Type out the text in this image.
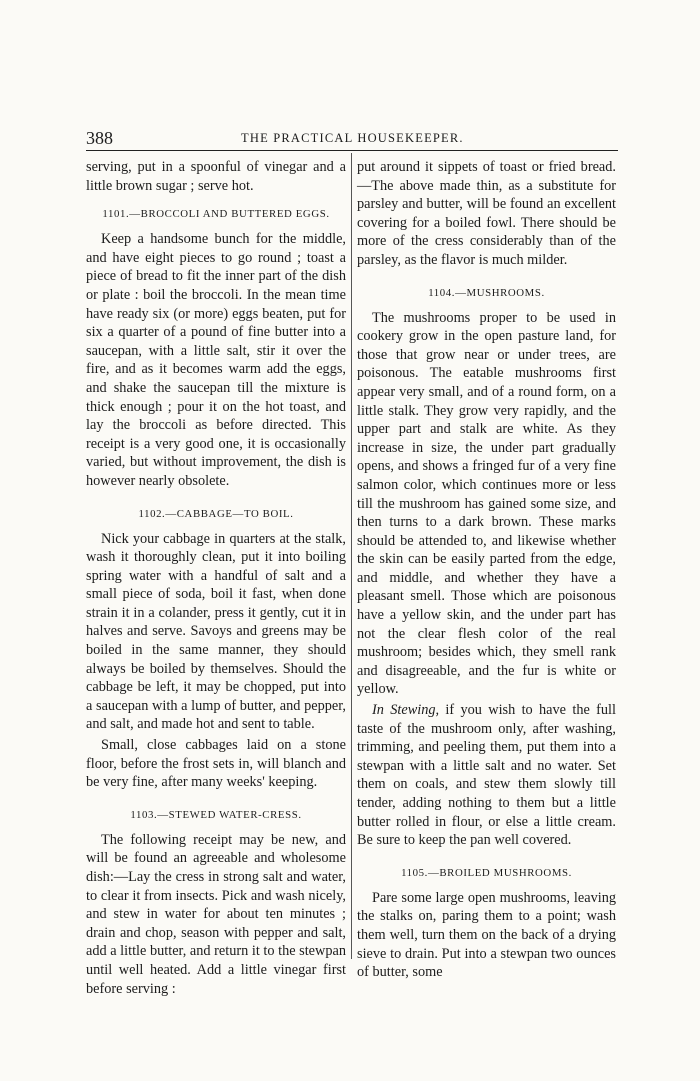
388	THE PRACTICAL HOUSEKEEPER.

serving, put in a spoonful of vinegar and a little brown sugar ; serve hot.

1101.—BROCCOLI AND BUTTERED EGGS.

Keep a handsome bunch for the middle, and have eight pieces to go round ; toast a piece of bread to fit the inner part of the dish or plate : boil the broccoli. In the mean time have ready six (or more) eggs beaten, put for six a quarter of a pound of fine butter into a saucepan, with a little salt, stir it over the fire, and as it becomes warm add the eggs, and shake the saucepan till the mixture is thick enough ; pour it on the hot toast, and lay the broccoli as before directed. This receipt is a very good one, it is occasionally varied, but without improvement, the dish is however nearly obsolete.

1102.—CABBAGE—TO BOIL.

Nick your cabbage in quarters at the stalk, wash it thoroughly clean, put it into boiling spring water with a handful of salt and a small piece of soda, boil it fast, when done strain it in a colander, press it gently, cut it in halves and serve. Savoys and greens may be boiled in the same manner, they should always be boiled by themselves. Should the cabbage be left, it may be chopped, put into a saucepan with a lump of butter, and pepper, and salt, and made hot and sent to table.

Small, close cabbages laid on a stone floor, before the frost sets in, will blanch and be very fine, after many weeks' keeping.

1103.—STEWED WATER-CRESS.

The following receipt may be new, and will be found an agreeable and wholesome dish:—Lay the cress in strong salt and water, to clear it from insects. Pick and wash nicely, and stew in water for about ten minutes ; drain and chop, season with pepper and salt, add a little butter, and return it to the stewpan until well heated. Add a little vinegar first before serving :

put around it sippets of toast or fried bread.—The above made thin, as a substitute for parsley and butter, will be found an excellent covering for a boiled fowl. There should be more of the cress considerably than of the parsley, as the flavor is much milder.

1104.—MUSHROOMS.

The mushrooms proper to be used in cookery grow in the open pasture land, for those that grow near or under trees, are poisonous. The eatable mushrooms first appear very small, and of a round form, on a little stalk. They grow very rapidly, and the upper part and stalk are white. As they increase in size, the under part gradually opens, and shows a fringed fur of a very fine salmon color, which continues more or less till the mushroom has gained some size, and then turns to a dark brown. These marks should be attended to, and likewise whether the skin can be easily parted from the edge, and middle, and whether they have a pleasant smell. Those which are poisonous have a yellow skin, and the under part has not the clear flesh color of the real mushroom; besides which, they smell rank and disagreeable, and the fur is white or yellow.

In Stewing, if you wish to have the full taste of the mushroom only, after washing, trimming, and peeling them, put them into a stewpan with a little salt and no water. Set them on coals, and stew them slowly till tender, adding nothing to them but a little butter rolled in flour, or else a little cream. Be sure to keep the pan well covered.

1105.—BROILED MUSHROOMS.

Pare some large open mushrooms, leaving the stalks on, paring them to a point; wash them well, turn them on the back of a drying sieve to drain. Put into a stewpan two ounces of butter, some
